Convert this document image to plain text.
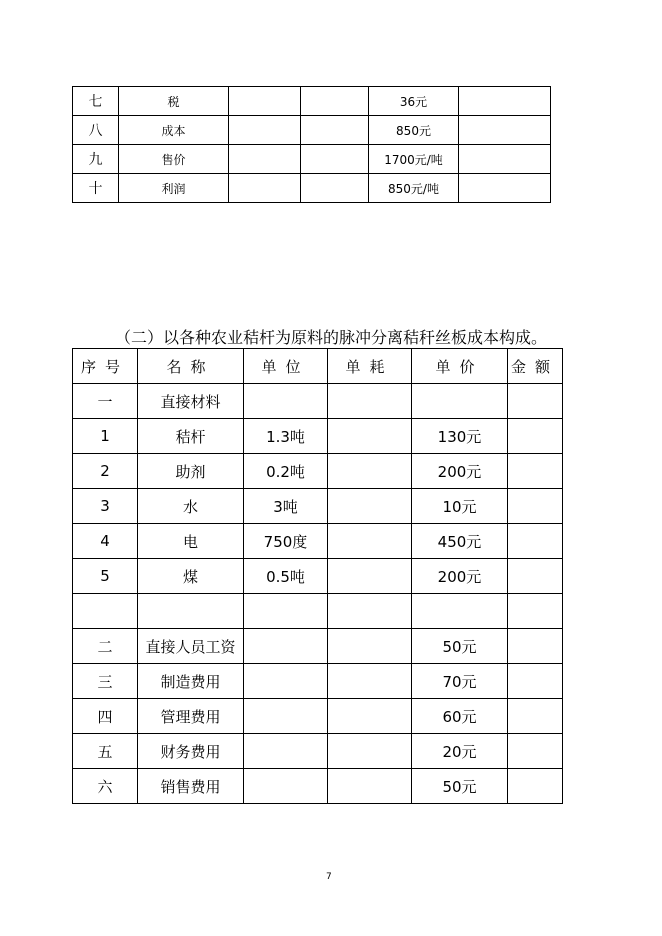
七	税			36元	
八	成本			850元	
九	售价			1700元/吨	
十	利润			850元/吨	
（二）以各种农业秸杆为原料的脉冲分离秸秆丝板成本构成。
序号	名称	单位	单耗	单价	金额
一	直接材料				
1	秸杆	1.3吨		130元	
2	助剂	0.2吨		200元	
3	水	3吨		10元	
4	电	750度		450元	
5	煤	0.5吨		200元	

二	直接人员工资			50元	
三	制造费用			70元	
四	管理费用			60元	
五	财务费用			20元	
六	销售费用			50元	
7
